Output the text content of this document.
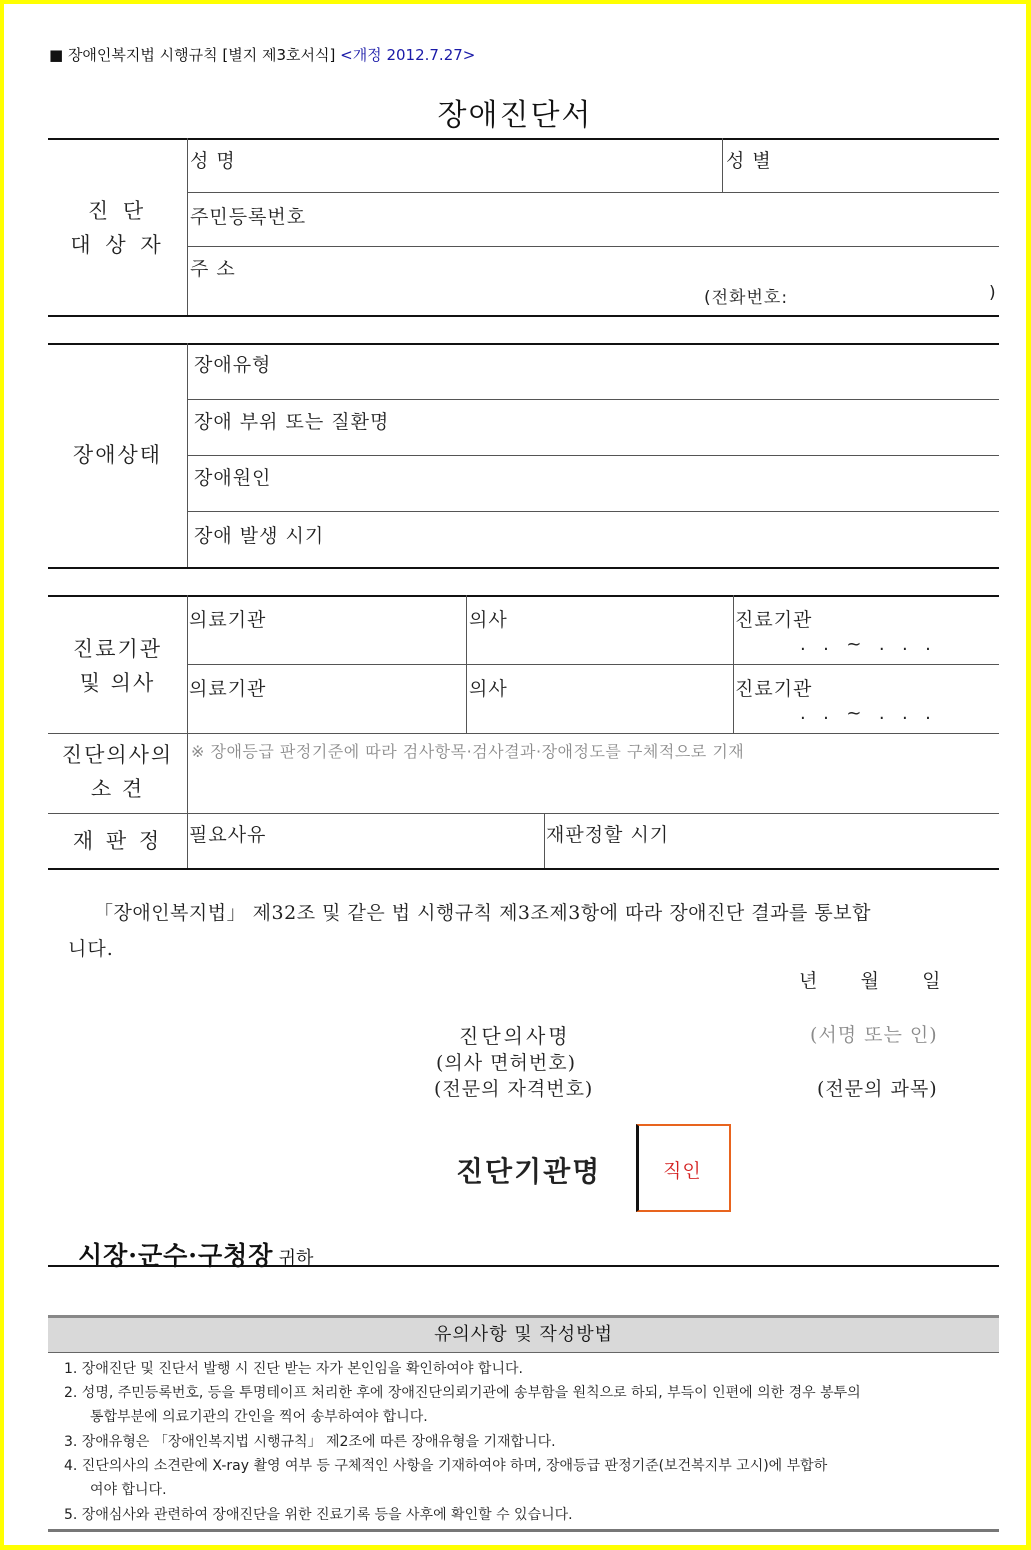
■ 장애인복지법 시행규칙 [별지 제3호서식] <개정 2012.7.27>
장애진단서
진 단
대 상 자
성 명	성 별
주민등록번호
주 소
(전화번호:	)
장애상태
장애유형
장애 부위 또는 질환명
장애원인
장애 발생 시기
진료기관
및 의사
의료기관	의사	진료기관
.  .  ~  .  .  .
의료기관	의사	진료기관
.  .  ~  .  .  .
진단의사의
소 견
※ 장애등급 판정기준에 따라 검사항목·검사결과·장애정도를 구체적으로 기재
재 판 정	필요사유	재판정할 시기
「장애인복지법」 제32조 및 같은 법 시행규칙 제3조제3항에 따라 장애진단 결과를 통보합
니다.
년      월      일
진단의사명	(서명 또는 인)
(의사 면허번호)
(전문의 자격번호)	(전문의 과목)
진단기관명	직인
시장·군수·구청장 귀하
유의사항 및 작성방법
1. 장애진단 및 진단서 발행 시 진단 받는 자가 본인임을 확인하여야 합니다.
2. 성명, 주민등록번호, 등을 투명테이프 처리한 후에 장애진단의뢰기관에 송부함을 원칙으로 하되, 부득이 인편에 의한 경우 봉투의
통합부분에 의료기관의 간인을 찍어 송부하여야 합니다.
3. 장애유형은 「장애인복지법 시행규칙」 제2조에 따른 장애유형을 기재합니다.
4. 진단의사의 소견란에 X-ray 촬영 여부 등 구체적인 사항을 기재하여야 하며, 장애등급 판정기준(보건복지부 고시)에 부합하
여야 합니다.
5. 장애심사와 관련하여 장애진단을 위한 진료기록 등을 사후에 확인할 수 있습니다.
